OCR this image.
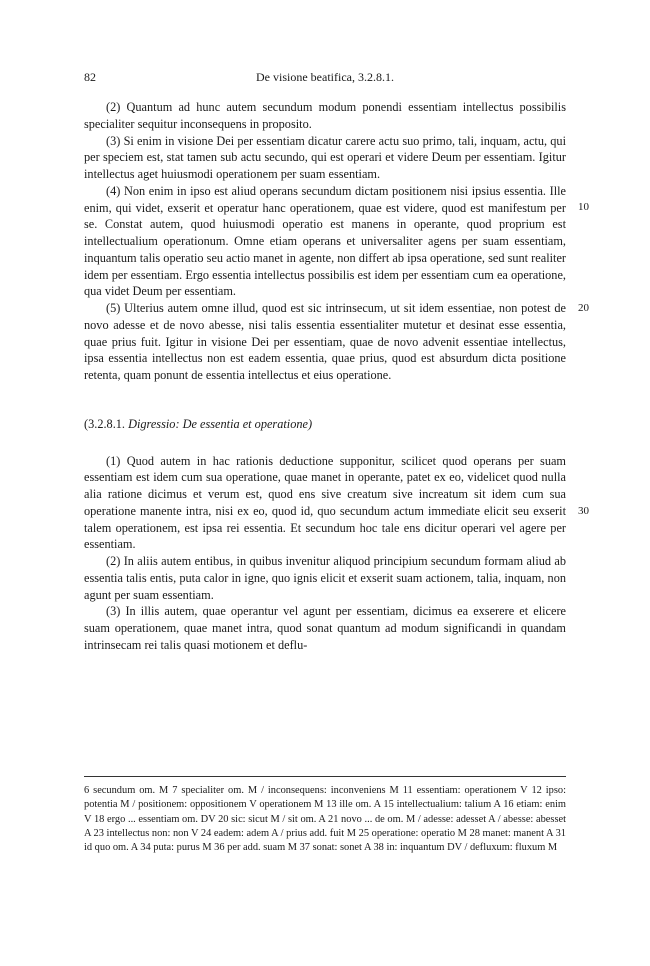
82	De visione beatifica, 3.2.8.1.

(2) Quantum ad hunc autem secundum modum ponendi essentiam intellectus possibilis specialiter sequitur inconsequens in proposito.

(3) Si enim in visione Dei per essentiam dicatur carere actu suo primo, tali, inquam, actu, qui per speciem est, stat tamen sub actu secundo, qui est operari et videre Deum per essentiam. Igitur intellectus aget huiusmodi operationem per suam essentiam.

10

(4) Non enim in ipso est aliud operans secundum dictam positionem nisi ipsius essentia. Ille enim, qui videt, exserit et operatur hanc operationem, quae est videre, quod est manifestum per se. Constat autem, quod huiusmodi operatio est manens in operante, quod proprium est intellectualium operationum. Omne etiam operans et universaliter agens per suam essentiam, inquantum talis operatio seu actio manet in agente, non differt ab ipsa operatione, sed sunt realiter idem per essentiam. Ergo essentia intellectus possibilis est idem per essentiam cum ea operatione, qua videt Deum per essentiam.

(5) Ulterius autem omne illud, quod est sic intrinsecum, ut sit idem essentiae, non potest de novo adesse et de novo abesse, nisi talis essentia essentialiter mutetur et desinat esse essentia, quae prius fuit. Igitur in visione Dei per essentiam, quae de novo advenit essentiae intellectus, ipsa essentia intellectus non est eadem essentia, quae prius, quod est absurdum dicta positione retenta, quam ponunt de essentia intellectus et eius operatione.

20

(3.2.8.1. Digressio: De essentia et operatione)

(1) Quod autem in hac rationis deductione supponitur, scilicet quod operans per suam essentiam est idem cum sua operatione, quae manet in operante, patet ex eo, videlicet quod nulla alia ratione dicimus et verum est, quod ens sive creatum sive increatum sit idem cum sua operatione manente intra, nisi ex eo, quod id, quo secundum actum immediate elicit seu exserit talem operationem, est ipsa rei essentia. Et secundum hoc tale ens dicitur operari vel agere per essentiam.

30

(2) In aliis autem entibus, in quibus invenitur aliquod principium secundum formam aliud ab essentia talis entis, puta calor in igne, quo ignis elicit et exserit suam actionem, talia, inquam, non agunt per suam essentiam.

(3) In illis autem, quae operantur vel agunt per essentiam, dicimus ea exserere et elicere suam operationem, quae manet intra, quod sonat quantum ad modum significandi in quandam intrinsecam rei talis quasi motionem et deflu-

6 secundum om. M 7 specialiter om. M / inconsequens: inconveniens M 11 essentiam: operationem V 12 ipso: potentia M / positionem: oppositionem V operationem M 13 ille om. A 15 intellectualium: talium A 16 etiam: enim V 18 ergo ... essentiam om. DV 20 sic: sicut M / sit om. A 21 novo ... de om. M / adesse: adesset A / abesse: abesset A 23 intellectus non: non V 24 eadem: adem A / prius add. fuit M 25 operatione: operatio M 28 manet: manent A 31 id quo om. A 34 puta: purus M 36 per add. suam M 37 sonat: sonet A 38 in: inquantum DV / defluxum: fluxum M
